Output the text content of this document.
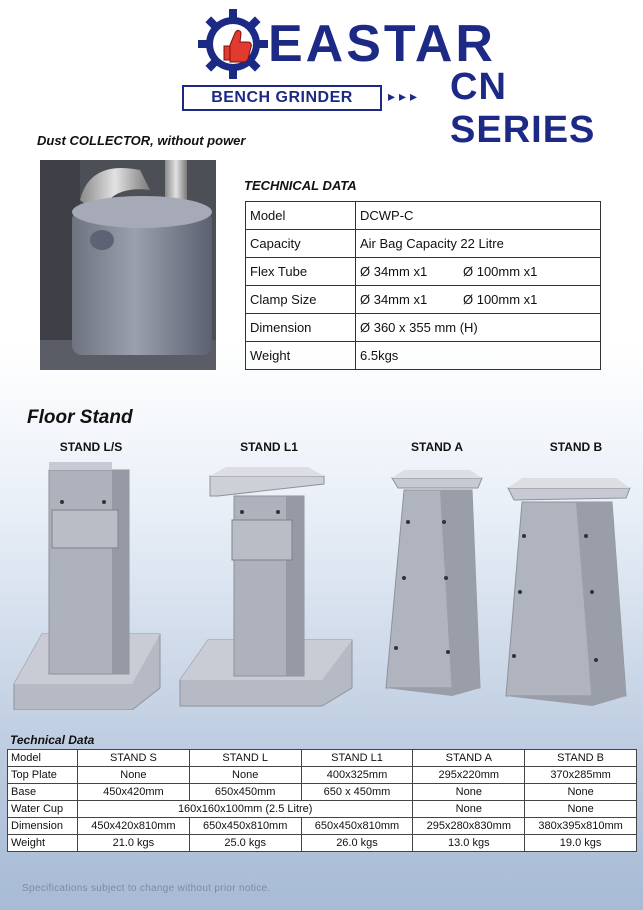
EASTAR
BENCH GRINDER	▸▸▸ CN SERIES
Dust COLLECTOR, without power
TECHNICAL DATA
Model	DCWP-C
Capacity	Air Bag Capacity 22 Litre
Flex Tube	Ø 34mm x1 Ø 100mm x1

Clamp Size	Ø 34mm x1 Ø 100mm x1

Dimension	Ø 360 x 355 mm (H)
Weight	6.5kgs
Floor Stand
STAND L/S	STAND L1	STAND A	STAND B
Technical Data
Model	STAND S	STAND L	STAND L1	STAND A	STAND B
Top Plate	None	None	400x325mm	295x220mm	370x285mm
Base	450x420mm	650x450mm	650 x 450mm	None	None
Water Cup	160x160x100mm (2.5 Litre)			None	None
Dimension	450x420x810mm	650x450x810mm	650x450x810mm	295x280x830mm	380x395x810mm
Weight	21.0 kgs	25.0 kgs	26.0 kgs	13.0 kgs	19.0 kgs
Specifications subject to change without prior notice.
